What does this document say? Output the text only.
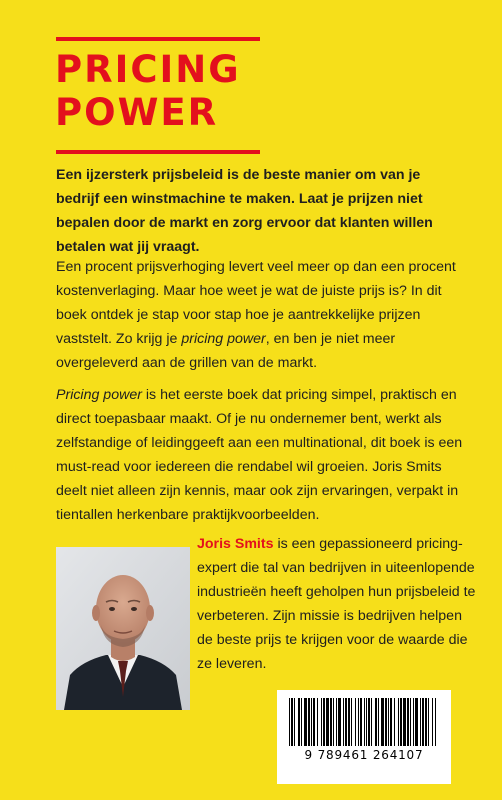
PRICING
POWER

Een ijzersterk prijsbeleid is de beste manier om van je bedrijf een winstmachine te maken. Laat je prijzen niet bepalen door de markt en zorg ervoor dat klanten willen betalen wat jij vraagt.

Een procent prijsverhoging levert veel meer op dan een procent kostenverlaging. Maar hoe weet je wat de juiste prijs is? In dit boek ontdek je stap voor stap hoe je aantrekkelijke prijzen vaststelt. Zo krijg je pricing power, en ben je niet meer overgeleverd aan de grillen van de markt.

Pricing power is het eerste boek dat pricing simpel, praktisch en direct toepasbaar maakt. Of je nu ondernemer bent, werkt als zelfstandige of leidinggeeft aan een multinational, dit boek is een must-read voor iedereen die rendabel wil groeien. Joris Smits deelt niet alleen zijn kennis, maar ook zijn ervaringen, verpakt in tientallen herkenbare praktijkvoorbeelden.

Joris Smits is een gepassioneerd pricing-expert die tal van bedrijven in uiteenlopende industrieën heeft geholpen hun prijsbeleid te verbeteren. Zijn missie is bedrijven helpen de beste prijs te krijgen voor de waarde die ze leveren.

9 789461 264107
